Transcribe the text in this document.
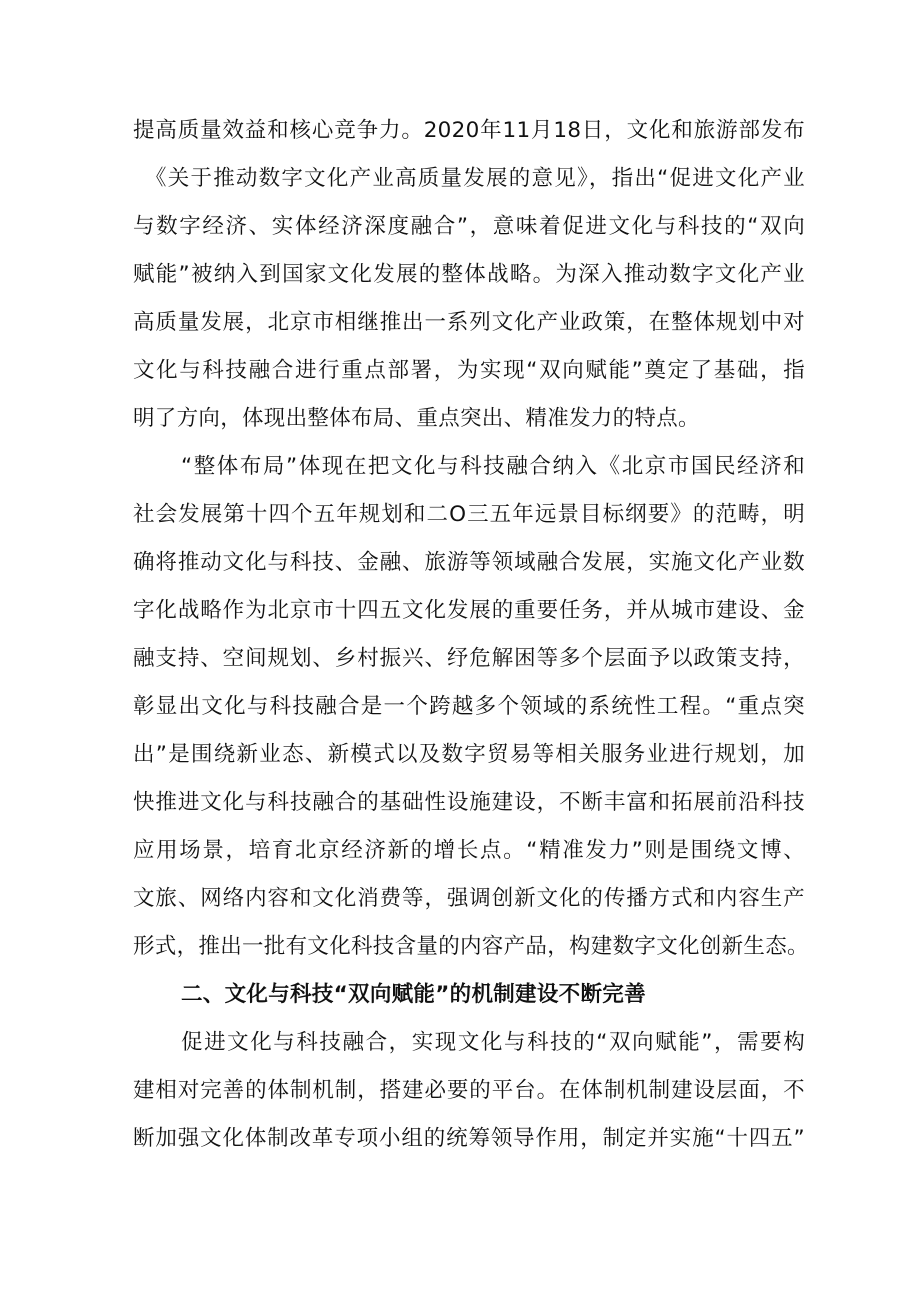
提高质量效益和核心竞争力。2020年11月18日，文化和旅游部发布
《关于推动数字文化产业高质量发展的意见》，指出“促进文化产业
与数字经济、实体经济深度融合”，意味着促进文化与科技的“双向
赋能”被纳入到国家文化发展的整体战略。为深入推动数字文化产业
高质量发展，北京市相继推出一系列文化产业政策，在整体规划中对
文化与科技融合进行重点部署，为实现“双向赋能”奠定了基础，指
明了方向，体现出整体布局、重点突出、精准发力的特点。
“整体布局”体现在把文化与科技融合纳入《北京市国民经济和
社会发展第十四个五年规划和二O三五年远景目标纲要》的范畴，明
确将推动文化与科技、金融、旅游等领域融合发展，实施文化产业数
字化战略作为北京市十四五文化发展的重要任务，并从城市建设、金
融支持、空间规划、乡村振兴、纾危解困等多个层面予以政策支持，
彰显出文化与科技融合是一个跨越多个领域的系统性工程。“重点突
出”是围绕新业态、新模式以及数字贸易等相关服务业进行规划，加
快推进文化与科技融合的基础性设施建设，不断丰富和拓展前沿科技
应用场景，培育北京经济新的增长点。“精准发力”则是围绕文博、
文旅、网络内容和文化消费等，强调创新文化的传播方式和内容生产
形式，推出一批有文化科技含量的内容产品，构建数字文化创新生态。
二、文化与科技“双向赋能”的机制建设不断完善
促进文化与科技融合，实现文化与科技的“双向赋能”，需要构
建相对完善的体制机制，搭建必要的平台。在体制机制建设层面，不
断加强文化体制改革专项小组的统筹领导作用，制定并实施“十四五”
